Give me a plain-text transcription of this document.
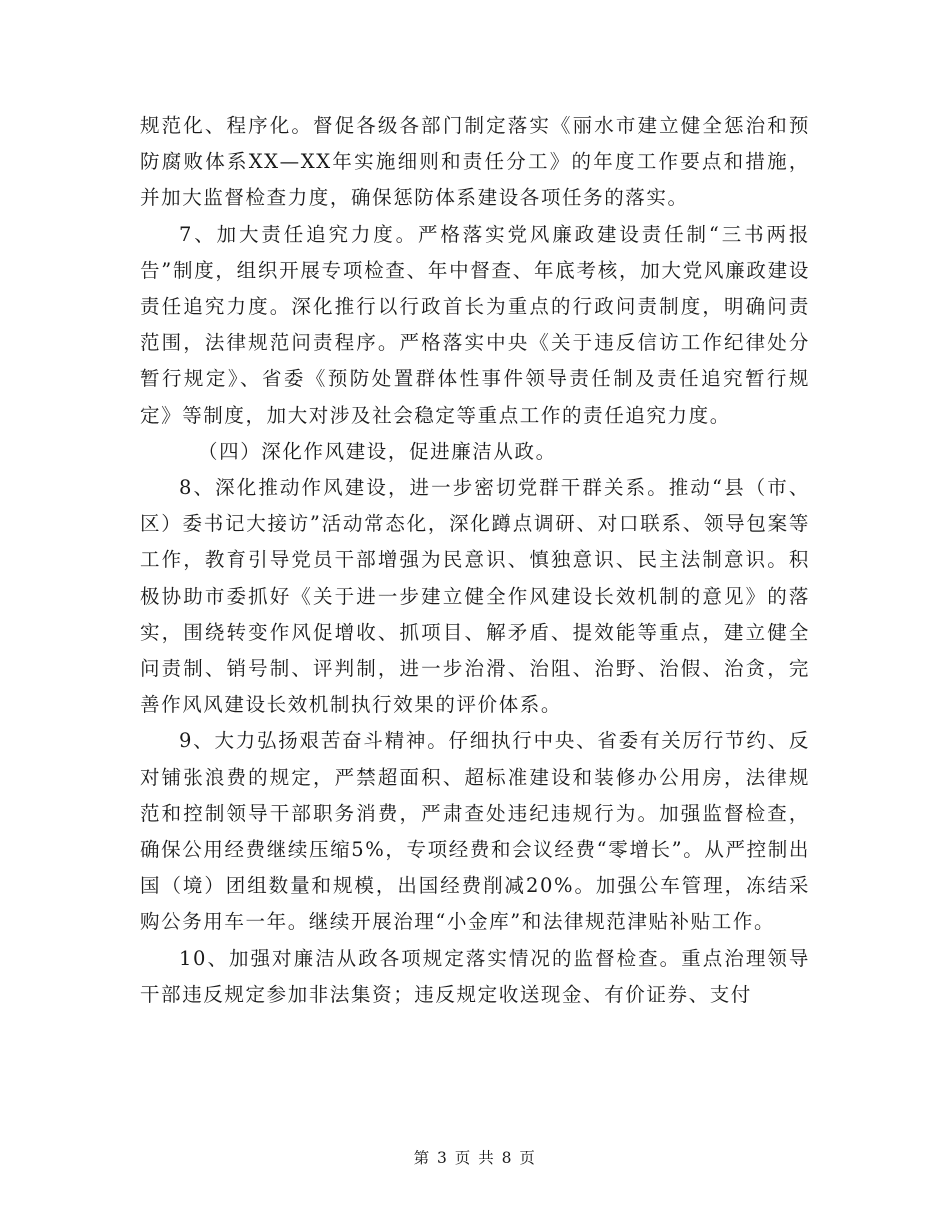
规范化、程序化。督促各级各部门制定落实《丽水市建立健全惩治和预防腐败体系XX—XX年实施细则和责任分工》的年度工作要点和措施，并加大监督检查力度，确保惩防体系建设各项任务的落实。

7、加大责任追究力度。严格落实党风廉政建设责任制“三书两报告”制度，组织开展专项检查、年中督查、年底考核，加大党风廉政建设责任追究力度。深化推行以行政首长为重点的行政问责制度，明确问责范围，法律规范问责程序。严格落实中央《关于违反信访工作纪律处分暂行规定》、省委《预防处置群体性事件领导责任制及责任追究暂行规定》等制度，加大对涉及社会稳定等重点工作的责任追究力度。

（四）深化作风建设，促进廉洁从政。

8、深化推动作风建设，进一步密切党群干群关系。推动“县（市、区）委书记大接访”活动常态化，深化蹲点调研、对口联系、领导包案等工作，教育引导党员干部增强为民意识、慎独意识、民主法制意识。积极协助市委抓好《关于进一步建立健全作风建设长效机制的意见》的落实，围绕转变作风促增收、抓项目、解矛盾、提效能等重点，建立健全问责制、销号制、评判制，进一步治滑、治阻、治野、治假、治贪，完善作风风建设长效机制执行效果的评价体系。

9、大力弘扬艰苦奋斗精神。仔细执行中央、省委有关厉行节约、反对铺张浪费的规定，严禁超面积、超标准建设和装修办公用房，法律规范和控制领导干部职务消费，严肃查处违纪违规行为。加强监督检查，确保公用经费继续压缩5%，专项经费和会议经费“零增长”。从严控制出国（境）团组数量和规模，出国经费削减20%。加强公车管理，冻结采购公务用车一年。继续开展治理“小金库”和法律规范津贴补贴工作。

10、加强对廉洁从政各项规定落实情况的监督检查。重点治理领导干部违反规定参加非法集资；违反规定收送现金、有价证券、支付

第 3 页 共 8 页
